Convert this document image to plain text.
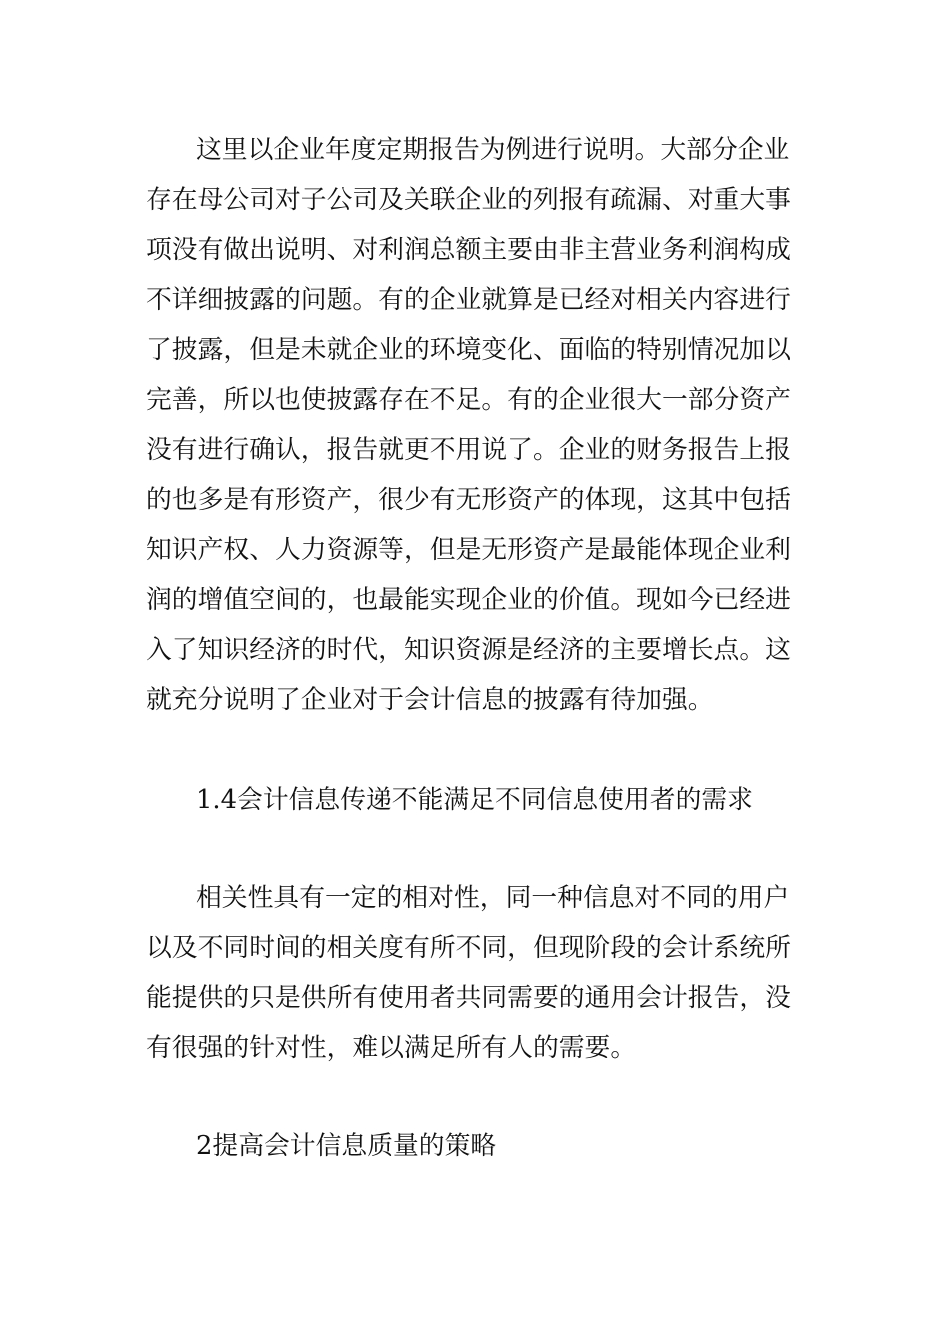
这里以企业年度定期报告为例进行说明。大部分企业
存在母公司对子公司及关联企业的列报有疏漏、对重大事
项没有做出说明、对利润总额主要由非主营业务利润构成
不详细披露的问题。有的企业就算是已经对相关内容进行
了披露，但是未就企业的环境变化、面临的特别情况加以
完善，所以也使披露存在不足。有的企业很大一部分资产
没有进行确认，报告就更不用说了。企业的财务报告上报
的也多是有形资产，很少有无形资产的体现，这其中包括
知识产权、人力资源等，但是无形资产是最能体现企业利
润的增值空间的，也最能实现企业的价值。现如今已经进
入了知识经济的时代，知识资源是经济的主要增长点。这
就充分说明了企业对于会计信息的披露有待加强。
1.4会计信息传递不能满足不同信息使用者的需求
相关性具有一定的相对性，同一种信息对不同的用户
以及不同时间的相关度有所不同，但现阶段的会计系统所
能提供的只是供所有使用者共同需要的通用会计报告，没
有很强的针对性，难以满足所有人的需要。
2提高会计信息质量的策略
